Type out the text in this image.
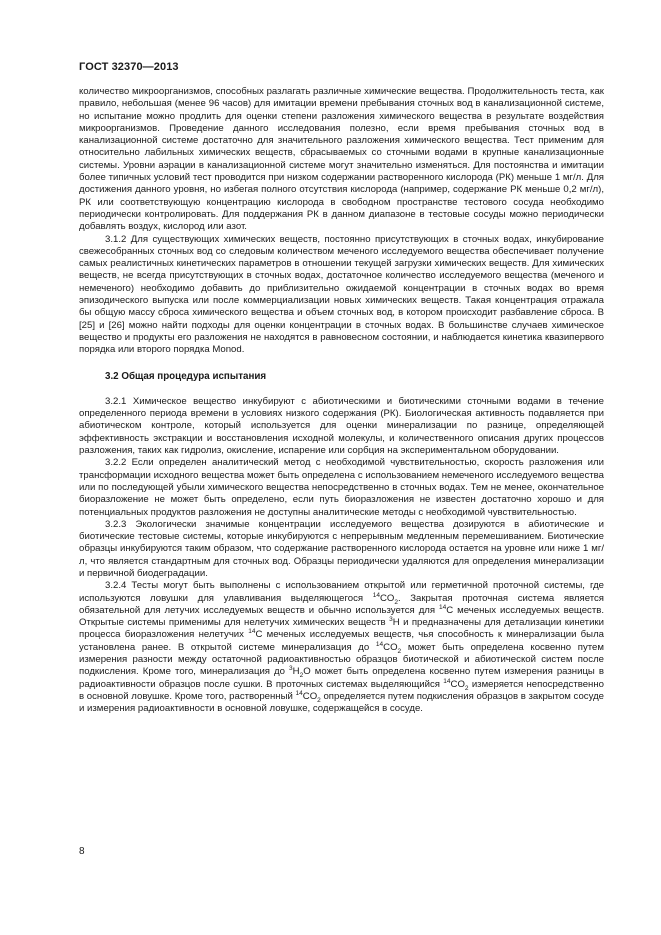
ГОСТ 32370—2013

количество микроорганизмов, способных разлагать различные химические вещества. Продолжительность теста, как правило, небольшая (менее 96 часов) для имитации времени пребывания сточных вод в канализационной системе, но испытание можно продлить для оценки степени разложения химического вещества в результате воздействия микроорганизмов. Проведение данного исследования полезно, если время пребывания сточных вод в канализационной системе достаточно для значительного разложения химического вещества. Тест применим для относительно лабильных химических веществ, сбрасываемых со сточными водами в крупные канализационные системы. Уровни аэрации в канализационной системе могут значительно изменяться. Для постоянства и имитации более типичных условий тест проводится при низком содержании растворенного кислорода (РК) меньше 1 мг/л. Для достижения данного уровня, но избегая полного отсутствия кислорода (например, содержание РК меньше 0,2 мг/л), РК или соответствующую концентрацию кислорода в свободном пространстве тестового сосуда необходимо периодически контролировать. Для поддержания РК в данном диапазоне в тестовые сосуды можно периодически добавлять воздух, кислород или азот.

3.1.2 Для существующих химических веществ, постоянно присутствующих в сточных водах, инкубирование свежесобранных сточных вод со следовым количеством меченого исследуемого вещества обеспечивает получение самых реалистичных кинетических параметров в отношении текущей загрузки химических веществ. Для химических веществ, не всегда присутствующих в сточных водах, достаточное количество исследуемого вещества (меченого и немеченого) необходимо добавить до приблизительно ожидаемой концентрации в сточных водах во время эпизодического выпуска или после коммерциализации новых химических веществ. Такая концентрация отражала бы общую массу сброса химического вещества и объем сточных вод, в котором происходит разбавление сброса. В [25] и [26] можно найти подходы для оценки концентрации в сточных водах. В большинстве случаев химическое вещество и продукты его разложения не находятся в равновесном состоянии, и наблюдается кинетика квазипервого порядка или второго порядка Monod.

3.2 Общая процедура испытания

3.2.1 Химическое вещество инкубируют с абиотическими и биотическими сточными водами в течение определенного периода времени в условиях низкого содержания (РК). Биологическая активность подавляется при абиотическом контроле, который используется для оценки минерализации по разнице, определяющей эффективность экстракции и восстановления исходной молекулы, и количественного описания других процессов разложения, таких как гидролиз, окисление, испарение или сорбция на экспериментальном оборудовании.

3.2.2 Если определен аналитический метод с необходимой чувствительностью, скорость разложения или трансформации исходного вещества может быть определена с использованием немеченого исследуемого вещества или по последующей убыли химического вещества непосредственно в сточных водах. Тем не менее, окончательное биоразложение не может быть определено, если путь биоразложения не известен достаточно хорошо и для потенциальных продуктов разложения не доступны аналитические методы с необходимой чувствительностью.

3.2.3 Экологически значимые концентрации исследуемого вещества дозируются в абиотические и биотические тестовые системы, которые инкубируются с непрерывным медленным перемешиванием. Биотические образцы инкубируются таким образом, что содержание растворенного кислорода остается на уровне или ниже 1 мг/л, что является стандартным для сточных вод. Образцы периодически удаляются для определения минерализации и первичной биодеградации.

3.2.4 Тесты могут быть выполнены с использованием открытой или герметичной проточной системы, где используются ловушки для улавливания выделяющегося $^{14}CO_2$. Закрытая проточная система является обязательной для летучих исследуемых веществ и обычно используется для $^{14}$С меченых исследуемых веществ. Открытые системы применимы для нелетучих химических веществ $^3$Н и предназначены для детализации кинетики процесса биоразложения нелетучих $^{14}$С меченых исследуемых веществ, чья способность к минерализации была установлена ранее. В открытой системе минерализация до $^{14}CO_2$ может быть определена косвенно путем измерения разности между остаточной радиоактивностью образцов биотической и абиотической систем после подкисления. Кроме того, минерализация до $^3H_2О$ может быть определена косвенно путем измерения разницы в радиоактивности образцов после сушки. В проточных системах выделяющийся $^{14}CO_2$ измеряется непосредственно в основной ловушке. Кроме того, растворенный $^{14}CO_2$ определяется путем подкисления образцов в закрытом сосуде и измерения радиоактивности в основной ловушке, содержащейся в сосуде.

8
